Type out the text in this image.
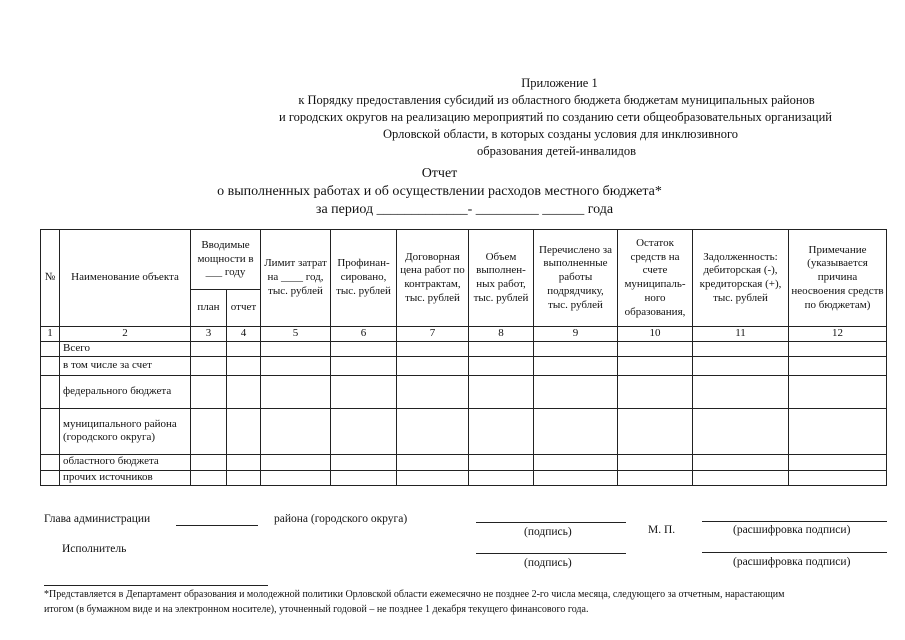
Приложение 1
к Порядку предоставления субсидий из областного бюджета бюджетам муниципальных районов
и городских округов на реализацию мероприятий по созданию сети общеобразовательных организаций
Орловской области, в которых созданы условия для инклюзивного
образования детей-инвалидов
Отчет
о выполненных работах и об осуществлении расходов местного бюджета*
за период _____________- _________ ______ года
№	Наименование объекта	Вводимые мощности в ___ году		Лимит затрат на ____ год, тыс. рублей	Профинан-сировано, тыс. рублей	Договорная цена работ по контрактам, тыс. рублей	Объем выполнен-ных работ, тыс. рублей	Перечислено за выполненные работы подрядчику, тыс. рублей	Остаток средств на счете муниципаль-ного образования,	Задолженность: дебиторская (-), кредиторская (+), тыс. рублей	Примечание (указывается причина неосвоения средств по бюджетам)
		план	отчет								
1	2	3	4	5	6	7	8	9	10	11	12
	Всего										
	в том числе за счет										
	федерального бюджета										
	муниципального района (городского округа)										
	областного бюджета										
	прочих источников										
Глава администрации	района (городского округа)
(подпись)	М. П.	(расшифровка подписи)
Исполнитель
(подпись)	(расшифровка подписи)
*Представляется в Департамент образования и молодежной политики Орловской области ежемесячно не позднее 2-го числа месяца, следующего за отчетным, нарастающим
итогом (в бумажном виде и на электронном носителе), уточненный годовой – не позднее 1 декабря текущего финансового года.
